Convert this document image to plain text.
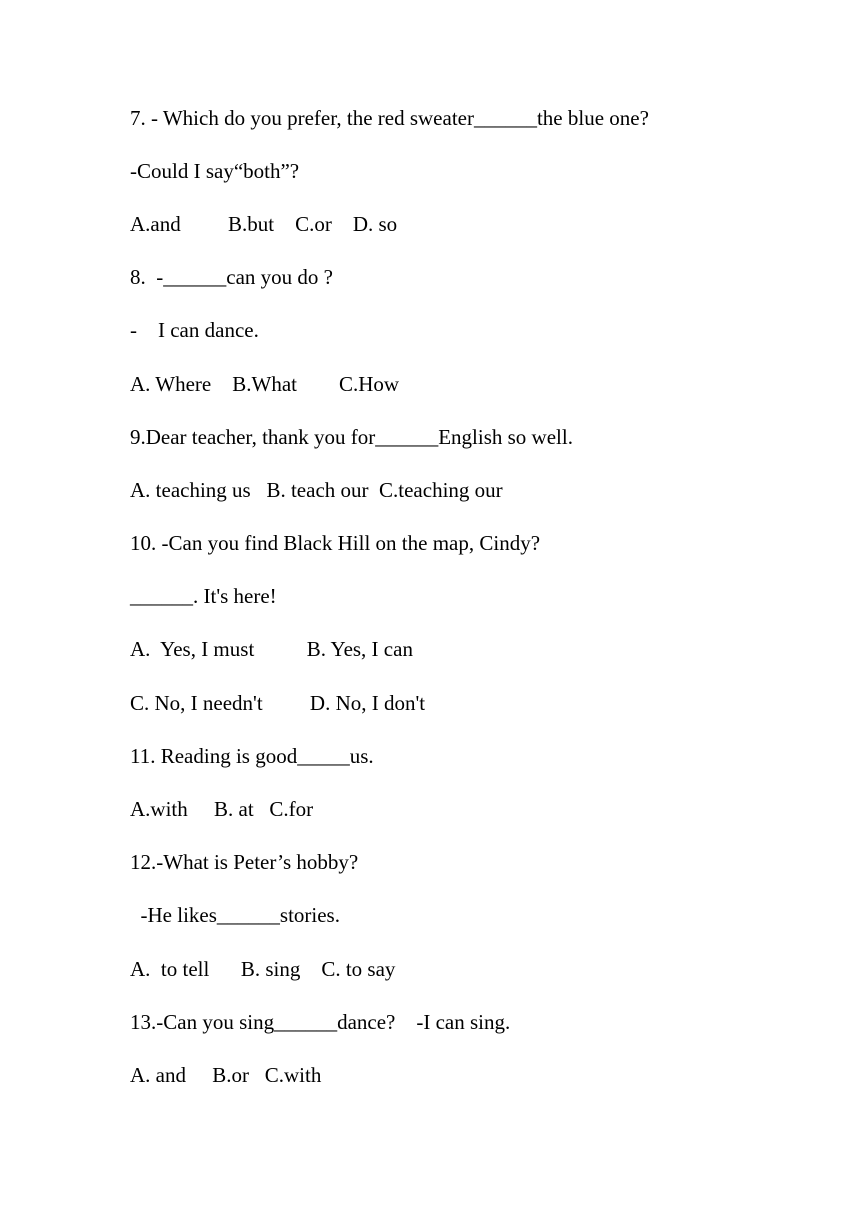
7. - Which do you prefer, the red sweater______the blue one?
-Could I say“both”?
A.and         B.but    C.or    D. so
8.  -______can you do ?
-    I can dance.
A. Where    B.What        C.How
9.Dear teacher, thank you for______English so well.
A. teaching us   B. teach our  C.teaching our
10. -Can you find Black Hill on the map, Cindy?
______. It's here!
A.  Yes, I must          B. Yes, I can
C. No, I needn't         D. No, I don't
11. Reading is good_____us.
A.with     B. at   C.for
12.-What is Peter’s hobby?
-He likes______stories.
A.  to tell      B. sing    C. to say
13.-Can you sing______dance?    -I can sing.
A. and     B.or   C.with
